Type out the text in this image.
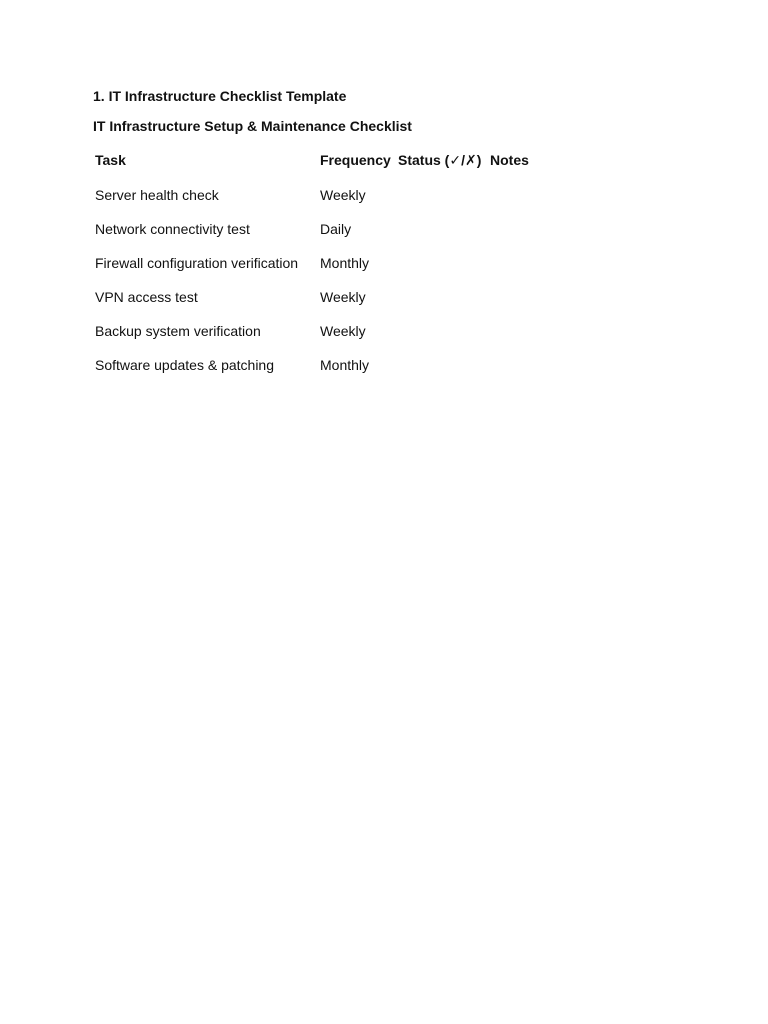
1. IT Infrastructure Checklist Template
IT Infrastructure Setup & Maintenance Checklist
Task	Frequency Status (✓/✗) Notes
Server health check	Weekly
Network connectivity test	Daily
Firewall configuration verification Monthly
VPN access test	Weekly
Backup system verification	Weekly
Software updates & patching	Monthly
